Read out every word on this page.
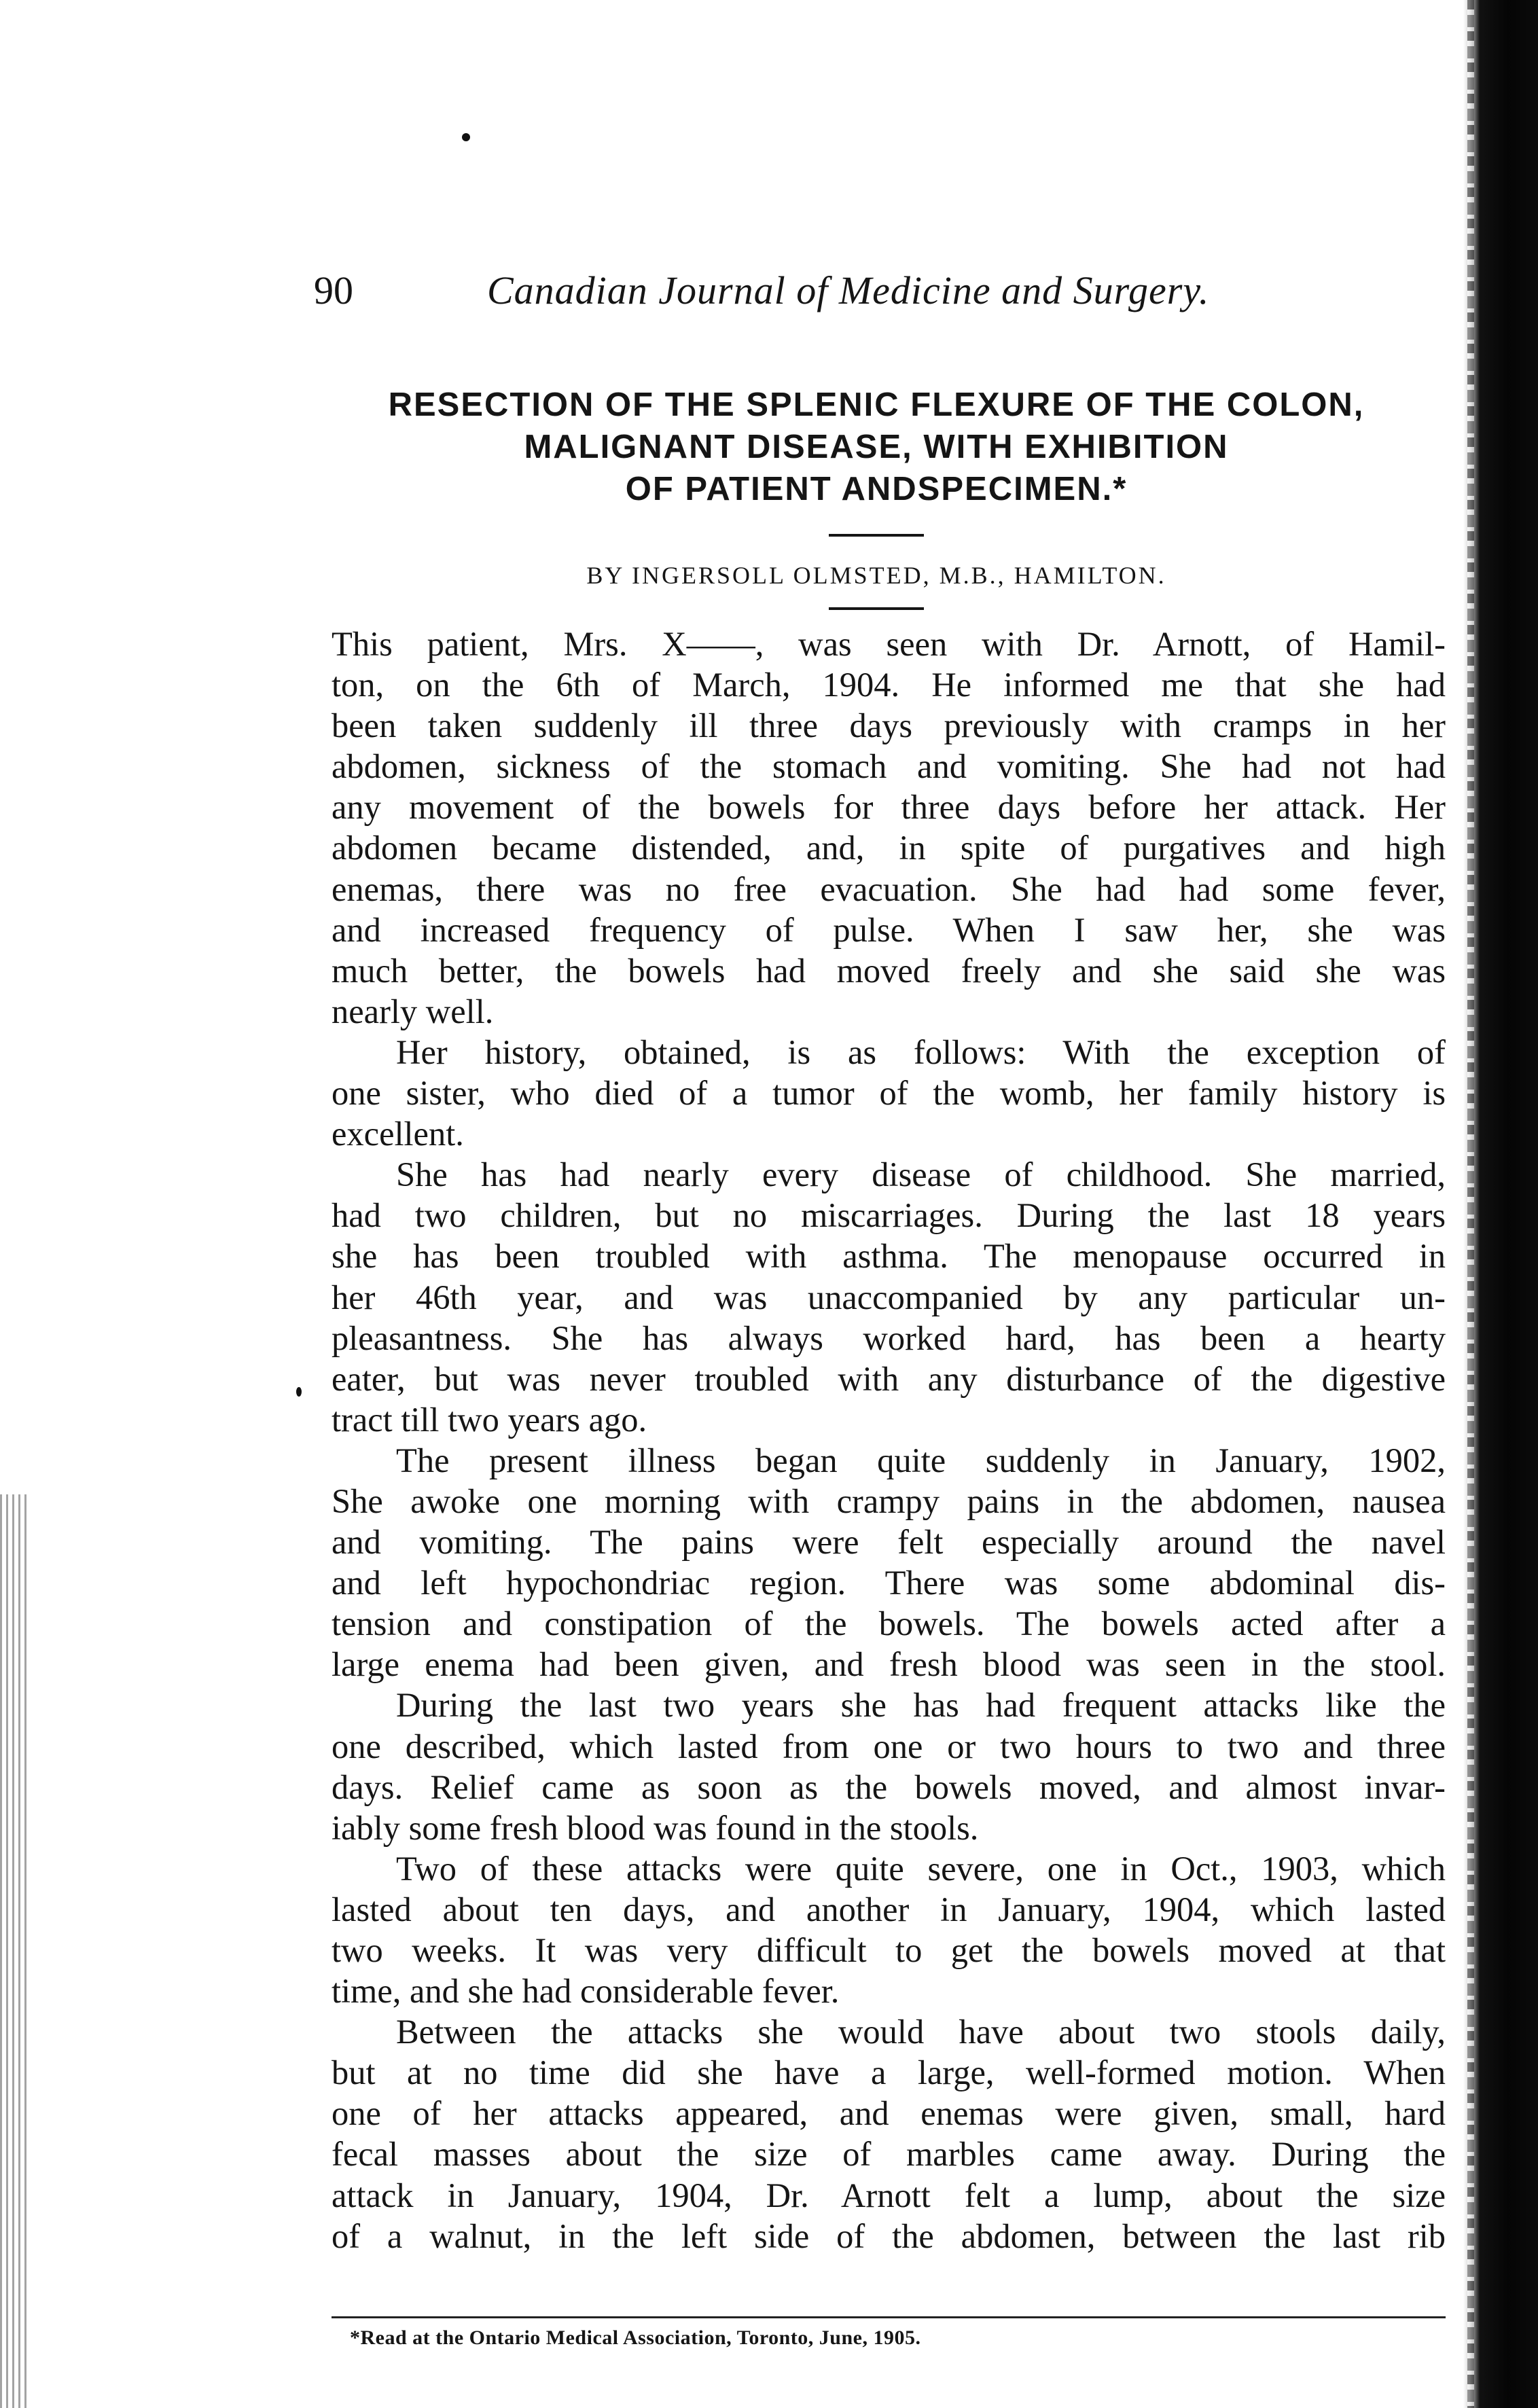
90	Canadian Journal of Medicine and Surgery.
RESECTION OF THE SPLENIC FLEXURE OF THE COLON,
MALIGNANT DISEASE, WITH EXHIBITION
OF PATIENT ANDSPECIMEN.*
BY INGERSOLL OLMSTED, M.B., HAMILTON.
This patient, Mrs. X——, was seen with Dr. Arnott, of Hamil-
ton, on the 6th of March, 1904. He informed me that she had
been taken suddenly ill three days previously with cramps in her
abdomen, sickness of the stomach and vomiting. She had not had
any movement of the bowels for three days before her attack. Her
abdomen became distended, and, in spite of purgatives and high
enemas, there was no free evacuation. She had had some fever,
and increased frequency of pulse. When I saw her, she was
much better, the bowels had moved freely and she said she was
nearly well.
Her history, obtained, is as follows: With the exception of
one sister, who died of a tumor of the womb, her family history is
excellent.
She has had nearly every disease of childhood. She married,
had two children, but no miscarriages. During the last 18 years
she has been troubled with asthma. The menopause occurred in
her 46th year, and was unaccompanied by any particular un-
pleasantness. She has always worked hard, has been a hearty
eater, but was never troubled with any disturbance of the digestive
tract till two years ago.
The present illness began quite suddenly in January, 1902,
She awoke one morning with crampy pains in the abdomen, nausea
and vomiting. The pains were felt especially around the navel
and left hypochondriac region. There was some abdominal dis-
tension and constipation of the bowels. The bowels acted after a
large enema had been given, and fresh blood was seen in the stool.
During the last two years she has had frequent attacks like the
one described, which lasted from one or two hours to two and three
days. Relief came as soon as the bowels moved, and almost invar-
iably some fresh blood was found in the stools.
Two of these attacks were quite severe, one in Oct., 1903, which
lasted about ten days, and another in January, 1904, which lasted
two weeks. It was very difficult to get the bowels moved at that
time, and she had considerable fever.
Between the attacks she would have about two stools daily,
but at no time did she have a large, well-formed motion. When
one of her attacks appeared, and enemas were given, small, hard
fecal masses about the size of marbles came away. During the
attack in January, 1904, Dr. Arnott felt a lump, about the size
of a walnut, in the left side of the abdomen, between the last rib
*Read at the Ontario Medical Association, Toronto, June, 1905.
